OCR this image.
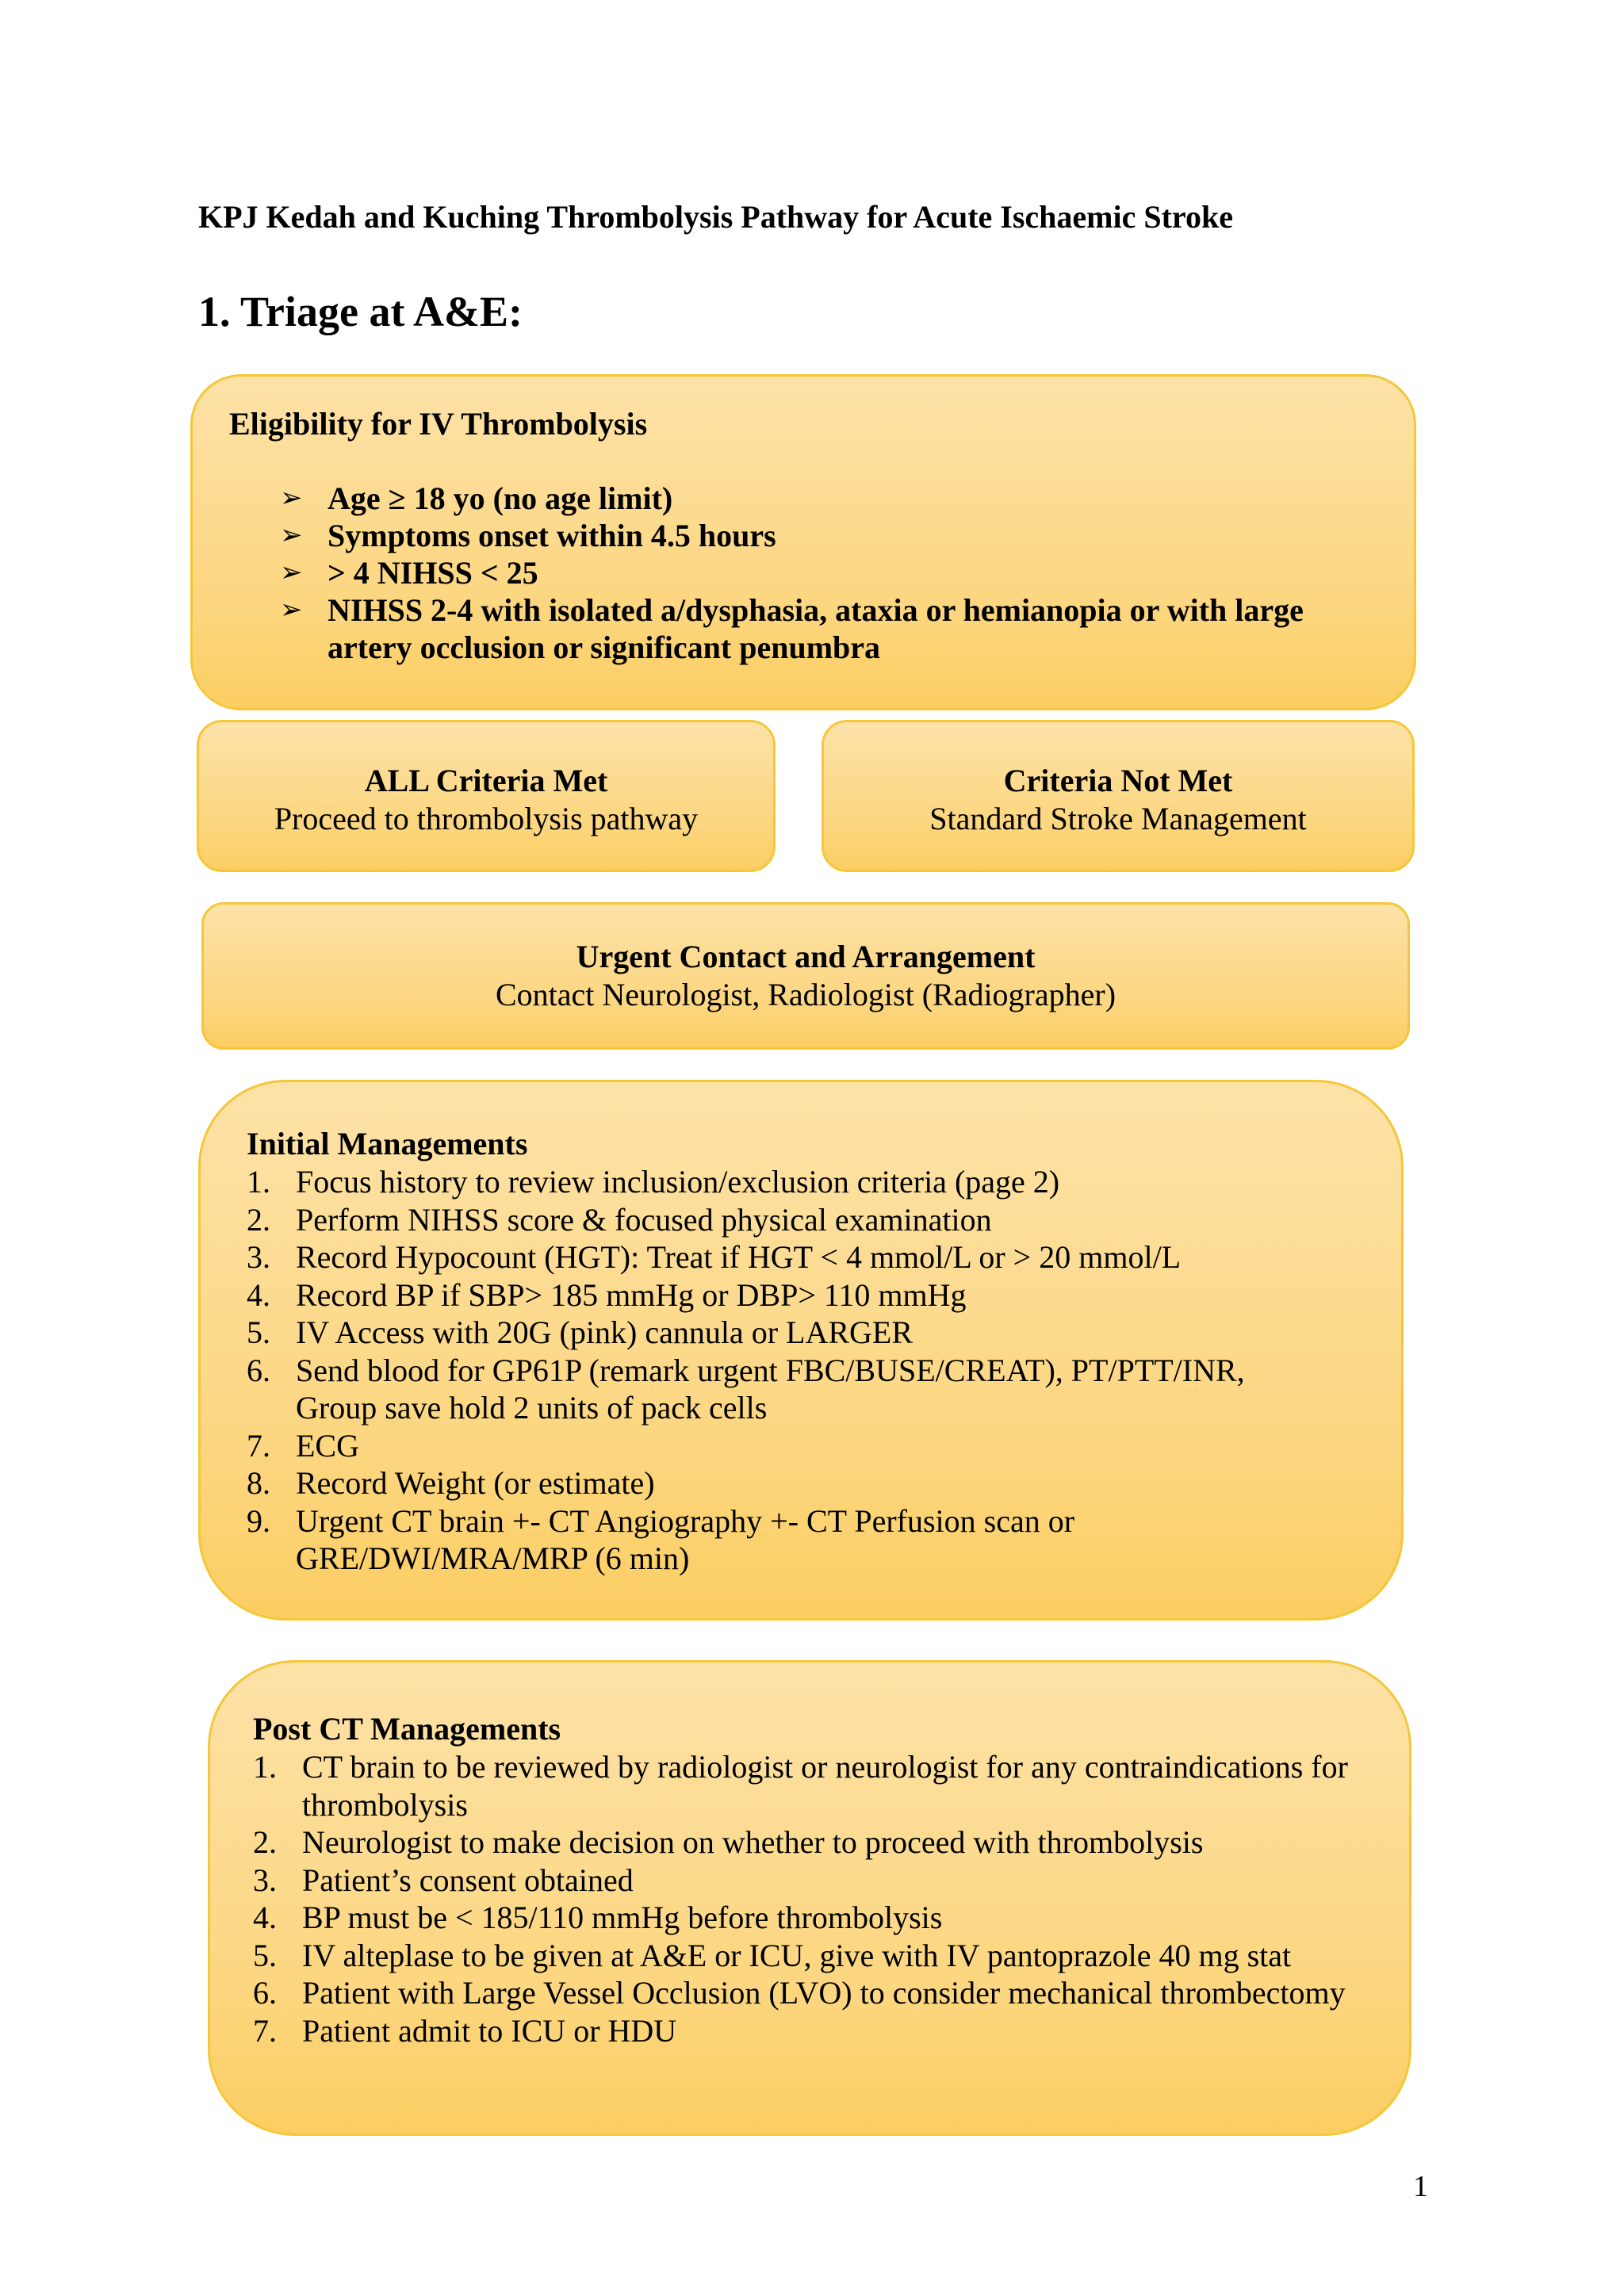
KPJ Kedah and Kuching Thrombolysis Pathway for Acute Ischaemic Stroke
1. Triage at A&E:
Eligibility for IV Thrombolysis
➢ Age ≥ 18 yo (no age limit)
➢ Symptoms onset within 4.5 hours
➢ > 4 NIHSS < 25
➢ NIHSS 2-4 with isolated a/dysphasia, ataxia or hemianopia or with large artery occlusion or significant penumbra
ALL Criteria Met
Proceed to thrombolysis pathway
Criteria Not Met
Standard Stroke Management
Urgent Contact and Arrangement
Contact Neurologist, Radiologist (Radiographer)
Initial Managements
1. Focus history to review inclusion/exclusion criteria (page 2)
2. Perform NIHSS score & focused physical examination
3. Record Hypocount (HGT): Treat if HGT < 4 mmol/L or > 20 mmol/L
4. Record BP if SBP> 185 mmHg or DBP> 110 mmHg
5. IV Access with 20G (pink) cannula or LARGER
6. Send blood for GP61P (remark urgent FBC/BUSE/CREAT), PT/PTT/INR, Group save hold 2 units of pack cells
7. ECG
8. Record Weight (or estimate)
9. Urgent CT brain +- CT Angiography +- CT Perfusion scan or GRE/DWI/MRA/MRP (6 min)
Post CT Managements
1. CT brain to be reviewed by radiologist or neurologist for any contraindications for thrombolysis
2. Neurologist to make decision on whether to proceed with thrombolysis
3. Patient’s consent obtained
4. BP must be < 185/110 mmHg before thrombolysis
5. IV alteplase to be given at A&E or ICU, give with IV pantoprazole 40 mg stat
6. Patient with Large Vessel Occlusion (LVO) to consider mechanical thrombectomy
7. Patient admit to ICU or HDU
1
